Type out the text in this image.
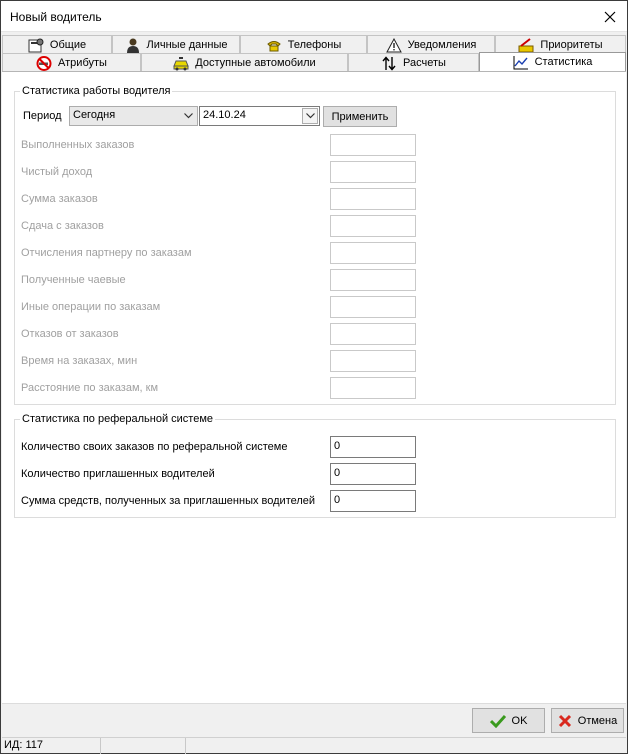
Новый водитель
Общие	Личные данные	Телефоны	Уведомления	Приоритеты
Атрибуты	Доступные автомобили	Расчеты	Статистика
Статистика работы водителя
Период	Сегодня	24.10.24	Применить
Выполненных заказов
Чистый доход
Сумма заказов
Сдача с заказов
Отчисления партнеру по заказам
Полученные чаевые
Иные операции по заказам
Отказов от заказов
Время на заказах, мин
Расстояние по заказам, км
Статистика по реферальной системе
Количество своих заказов по реферальной системе	0
Количество приглашенных водителей	0
Сумма средств, полученных за приглашенных водителей	0
OK	Отмена
ИД: 117
